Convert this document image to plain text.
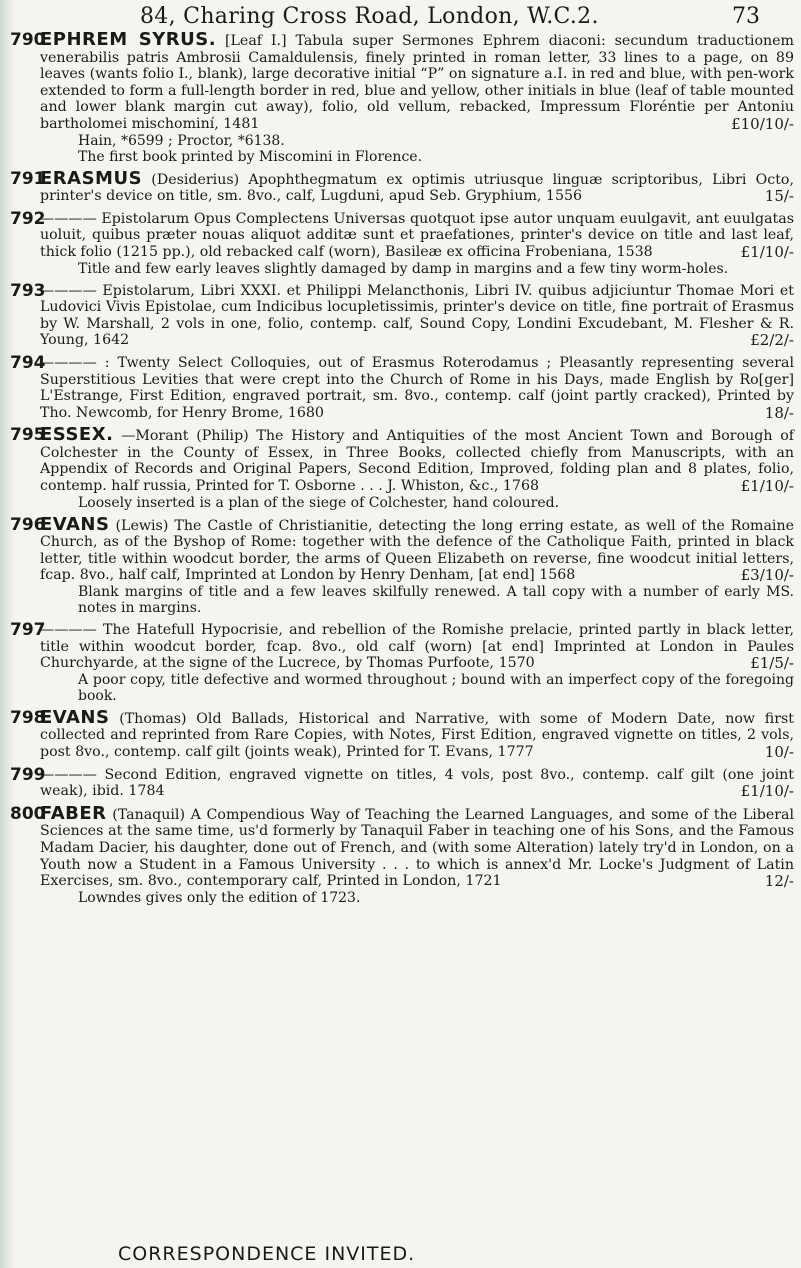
84, Charing Cross Road, London, W.C.2.	73
790
EPHREM SYRUS. [Leaf I.] Tabula super Sermones Ephrem diaconi: secundum traductionem venerabilis patris Ambrosii Camaldulensis, finely printed in roman letter, 33 lines to a page, on 89 leaves (wants folio I., blank), large decorative initial “P” on signature a.I. in red and blue, with pen-work extended to form a full-length border in red, blue and yellow, other initials in blue (leaf of table mounted and lower blank margin cut away), folio, old vellum, rebacked, Impressum Floréntie per Antoniu bartholomei mischominí, 1481	£10/10/-
Hain, *6599 ; Proctor, *6138.
The first book printed by Miscomini in Florence.
791
ERASMUS (Desiderius) Apophthegmatum ex optimis utriusque linguæ scriptoribus, Libri Octo, printer's device on title, sm. 8vo., calf, Lugduni, apud Seb. Gryphium, 1556	15/-
792
———— Epistolarum Opus Complectens Universas quotquot ipse autor unquam euulgavit, ant euulgatas uoluit, quibus præter nouas aliquot additæ sunt et praefationes, printer's device on title and last leaf, thick folio (1215 pp.), old rebacked calf (worn), Basileæ ex officina Frobeniana, 1538	£1/10/-
Title and few early leaves slightly damaged by damp in margins and a few tiny worm-holes.
793
———— Epistolarum, Libri XXXI. et Philippi Melancthonis, Libri IV. quibus adjiciuntur Thomae Mori et Ludovici Vivis Epistolae, cum Indicibus locupletissimis, printer's device on title, fine portrait of Erasmus by W. Marshall, 2 vols in one, folio, contemp. calf, Sound Copy, Londini Excudebant, M. Flesher & R. Young, 1642	£2/2/-
794
———— : Twenty Select Colloquies, out of Erasmus Roterodamus ; Pleasantly representing several Superstitious Levities that were crept into the Church of Rome in his Days, made English by Ro[ger] L'Estrange, First Edition, engraved portrait, sm. 8vo., contemp. calf (joint partly cracked), Printed by Tho. Newcomb, for Henry Brome, 1680	18/-
795
ESSEX. —Morant (Philip) The History and Antiquities of the most Ancient Town and Borough of Colchester in the County of Essex, in Three Books, collected chiefly from Manuscripts, with an Appendix of Records and Original Papers, Second Edition, Improved, folding plan and 8 plates, folio, contemp. half russia, Printed for T. Osborne . . . J. Whiston, &c., 1768	£1/10/-
Loosely inserted is a plan of the siege of Colchester, hand coloured.
796
EVANS (Lewis) The Castle of Christianitie, detecting the long erring estate, as well of the Romaine Church, as of the Byshop of Rome: together with the defence of the Catholique Faith, printed in black letter, title within woodcut border, the arms of Queen Elizabeth on reverse, fine woodcut initial letters, fcap. 8vo., half calf, Imprinted at London by Henry Denham, [at end] 1568	£3/10/-
Blank margins of title and a few leaves skilfully renewed. A tall copy with a number of early MS. notes in margins.
797
———— The Hatefull Hypocrisie, and rebellion of the Romishe prelacie, printed partly in black letter, title within woodcut border, fcap. 8vo., old calf (worn) [at end] Imprinted at London in Paules Churchyarde, at the signe of the Lucrece, by Thomas Purfoote, 1570	£1/5/-
A poor copy, title defective and wormed throughout ; bound with an imperfect copy of the foregoing book.
798
EVANS (Thomas) Old Ballads, Historical and Narrative, with some of Modern Date, now first collected and reprinted from Rare Copies, with Notes, First Edition, engraved vignette on titles, 2 vols, post 8vo., contemp. calf gilt (joints weak), Printed for T. Evans, 1777	10/-
799
———— Second Edition, engraved vignette on titles, 4 vols, post 8vo., contemp. calf gilt (one joint weak), ibid. 1784	£1/10/-
800
FABER (Tanaquil) A Compendious Way of Teaching the Learned Languages, and some of the Liberal Sciences at the same time, us'd formerly by Tanaquil Faber in teaching one of his Sons, and the Famous Madam Dacier, his daughter, done out of French, and (with some Alteration) lately try'd in London, on a Youth now a Student in a Famous University . . . to which is annex'd Mr. Locke's Judgment of Latin Exercises, sm. 8vo., contemporary calf, Printed in London, 1721	12/-
Lowndes gives only the edition of 1723.
CORRESPONDENCE INVITED.
